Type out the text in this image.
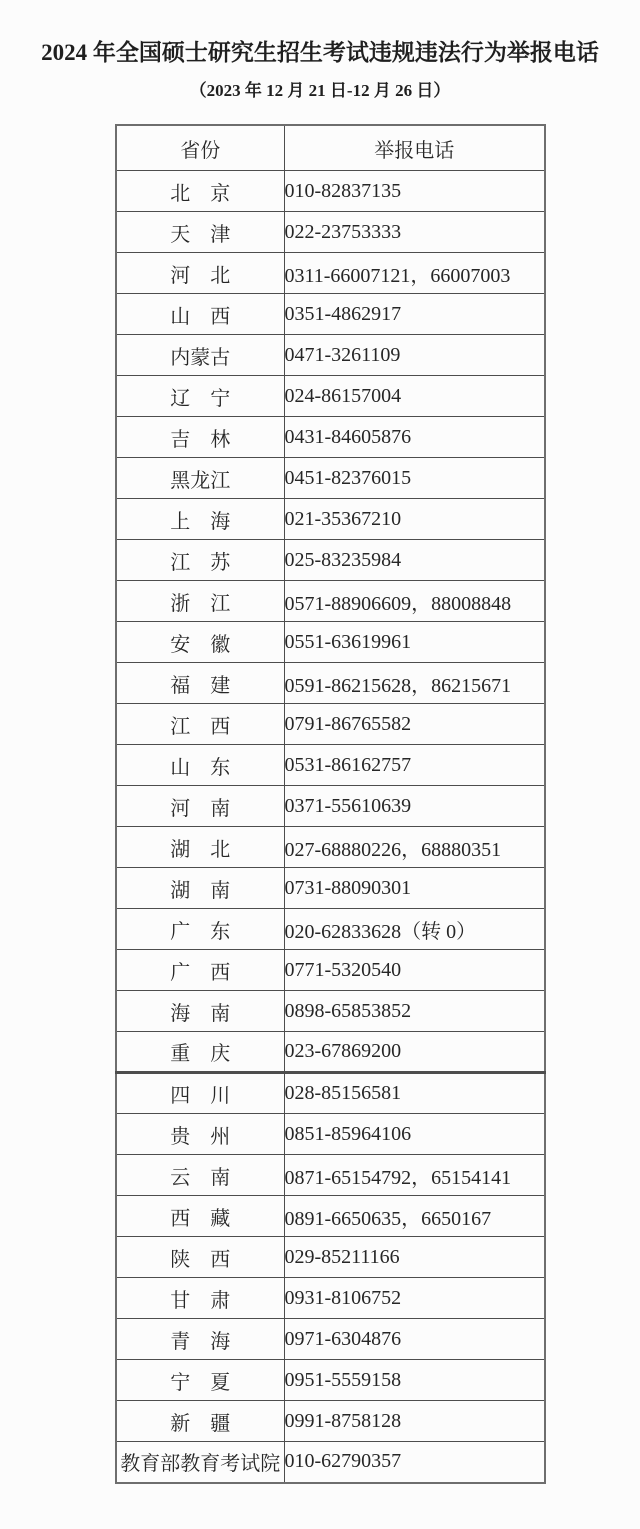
2024 年全国硕士研究生招生考试违规违法行为举报电话
（2023 年 12 月 21 日-12 月 26 日）
省份	举报电话
北　京	010-82837135
天　津	022-23753333
河　北	0311-66007121，66007003
山　西	0351-4862917
内蒙古	0471-3261109
辽　宁	024-86157004
吉　林	0431-84605876
黑龙江	0451-82376015
上　海	021-35367210
江　苏	025-83235984
浙　江	0571-88906609，88008848
安　徽	0551-63619961
福　建	0591-86215628，86215671
江　西	0791-86765582
山　东	0531-86162757
河　南	0371-55610639
湖　北	027-68880226，68880351
湖　南	0731-88090301
广　东	020-62833628（转 0）
广　西	0771-5320540
海　南	0898-65853852
重　庆	023-67869200
四　川	028-85156581
贵　州	0851-85964106
云　南	0871-65154792，65154141
西　藏	0891-6650635，6650167
陕　西	029-85211166
甘　肃	0931-8106752
青　海	0971-6304876
宁　夏	0951-5559158
新　疆	0991-8758128
教育部教育考试院	010-62790357
